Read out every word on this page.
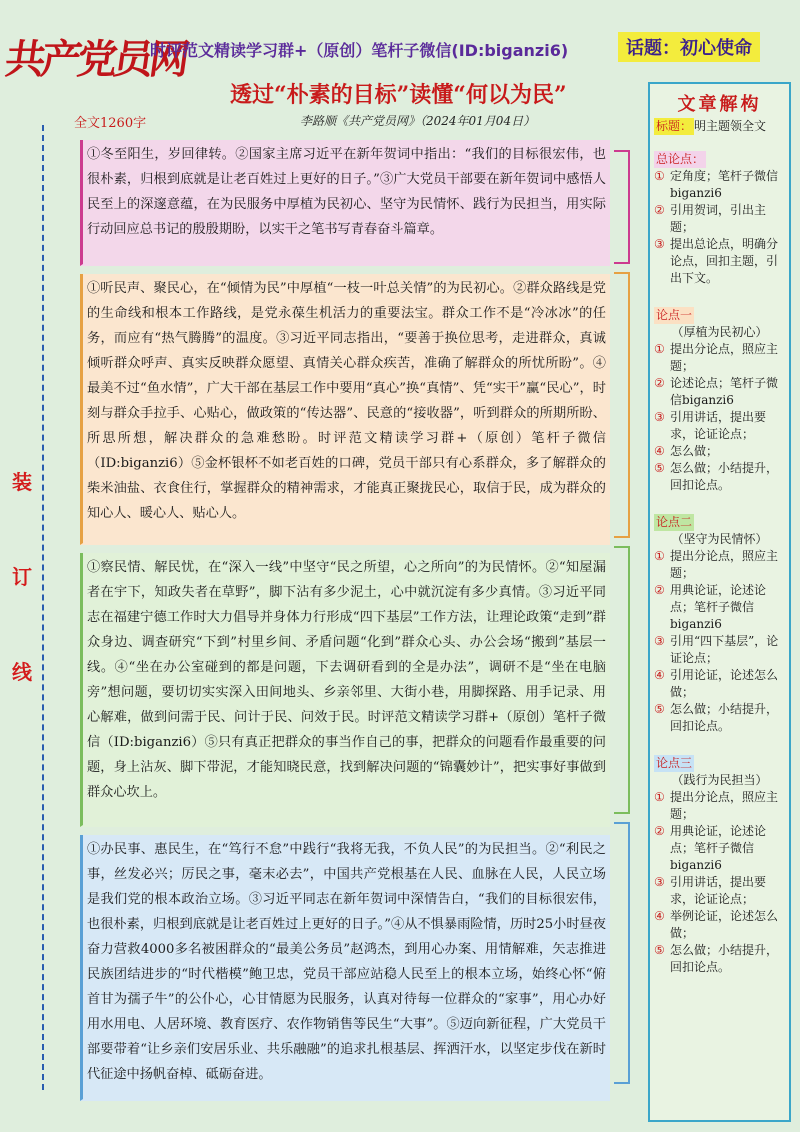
共产党员网
时评范文精读学习群+（原创）笔杆子微信(ID:biganzi6)	话题：初心使命
透过“朴素的目标”读懂“何以为民”
全文1260字	李路顺《共产党员网》（2024年01月04日）
装
订
线

①冬至阳生，岁回律转。②国家主席习近平在新年贺词中指出：“我们的目标很宏伟，也很朴素，归根到底就是让老百姓过上更好的日子。”③广大党员干部要在新年贺词中感悟人民至上的深邃意蕴，在为民服务中厚植为民初心、坚守为民情怀、践行为民担当，用实际行动回应总书记的殷殷期盼，以实干之笔书写青春奋斗篇章。

①听民声、聚民心，在“倾情为民”中厚植“一枝一叶总关情”的为民初心。②群众路线是党的生命线和根本工作路线，是党永葆生机活力的重要法宝。群众工作不是“冷冰冰”的任务，而应有“热气腾腾”的温度。③习近平同志指出，“要善于换位思考，走进群众，真诚倾听群众呼声、真实反映群众愿望、真情关心群众疾苦，准确了解群众的所忧所盼”。④最美不过“鱼水情”，广大干部在基层工作中要用“真心”换“真情”、凭“实干”赢“民心”，时刻与群众手拉手、心贴心，做政策的“传达器”、民意的“接收器”，听到群众的所期所盼、所思所想，解决群众的急难愁盼。时评范文精读学习群+（原创）笔杆子微信（ID:biganzi6）⑤金杯银杯不如老百姓的口碑，党员干部只有心系群众，多了解群众的柴米油盐、衣食住行，掌握群众的精神需求，才能真正聚拢民心，取信于民，成为群众的知心人、暖心人、贴心人。

①察民情、解民忧，在“深入一线”中坚守“民之所望，心之所向”的为民情怀。②“知屋漏者在宇下，知政失者在草野”，脚下沾有多少泥土，心中就沉淀有多少真情。③习近平同志在福建宁德工作时大力倡导并身体力行形成“四下基层”工作方法，让理论政策“走到”群众身边、调查研究“下到”村里乡间、矛盾问题“化到”群众心头、办公会场“搬到”基层一线。④“坐在办公室碰到的都是问题，下去调研看到的全是办法”，调研不是“坐在电脑旁”想问题，要切切实实深入田间地头、乡亲邻里、大街小巷，用脚探路、用手记录、用心解难，做到问需于民、问计于民、问效于民。时评范文精读学习群+（原创）笔杆子微信（ID:biganzi6）⑤只有真正把群众的事当作自己的事，把群众的问题看作最重要的问题，身上沾灰、脚下带泥，才能知晓民意，找到解决问题的“锦囊妙计”，把实事好事做到群众心坎上。

①办民事、惠民生，在“笃行不怠”中践行“我将无我，不负人民”的为民担当。②“利民之事，丝发必兴；厉民之事，毫末必去”，中国共产党根基在人民、血脉在人民，人民立场是我们党的根本政治立场。③习近平同志在新年贺词中深情告白，“我们的目标很宏伟，也很朴素，归根到底就是让老百姓过上更好的日子。”④从不惧暴雨险情，历时25小时昼夜奋力营救4000多名被困群众的“最美公务员”赵鸿杰，到用心办案、用情解难，矢志推进民族团结进步的“时代楷模”鲍卫忠，党员干部应站稳人民至上的根本立场，始终心怀“俯首甘为孺子牛”的公仆心，心甘情愿为民服务，认真对待每一位群众的“家事”，用心办好用水用电、人居环境、教育医疗、农作物销售等民生“大事”。⑤迈向新征程，广大党员干部要带着“让乡亲们安居乐业、共乐融融”的追求扎根基层、挥洒汗水，以坚定步伐在新时代征途中扬帆奋棹、砥砺奋进。

文章解构
标题： 明主题领全文
总论点：
① 定角度；笔杆子微信biganzi6
② 引用贺词，引出主题；
③ 提出总论点，明确分论点，回扣主题，引出下文。
论点一
（厚植为民初心）
① 提出分论点，照应主题；
② 论述论点；笔杆子微信biganzi6
③ 引用讲话，提出要求，论证论点；
④ 怎么做；
⑤ 怎么做；小结提升，回扣论点。
论点二
（坚守为民情怀）
① 提出分论点，照应主题；
② 用典论证，论述论点；笔杆子微信biganzi6
③ 引用“四下基层”，论证论点；
④ 引用论证，论述怎么做；
⑤ 怎么做；小结提升，回扣论点。
论点三
（践行为民担当）
① 提出分论点，照应主题；
② 用典论证，论述论点；笔杆子微信biganzi6
③ 引用讲话，提出要求，论证论点；
④ 举例论证，论述怎么做；
⑤ 怎么做；小结提升，回扣论点。
